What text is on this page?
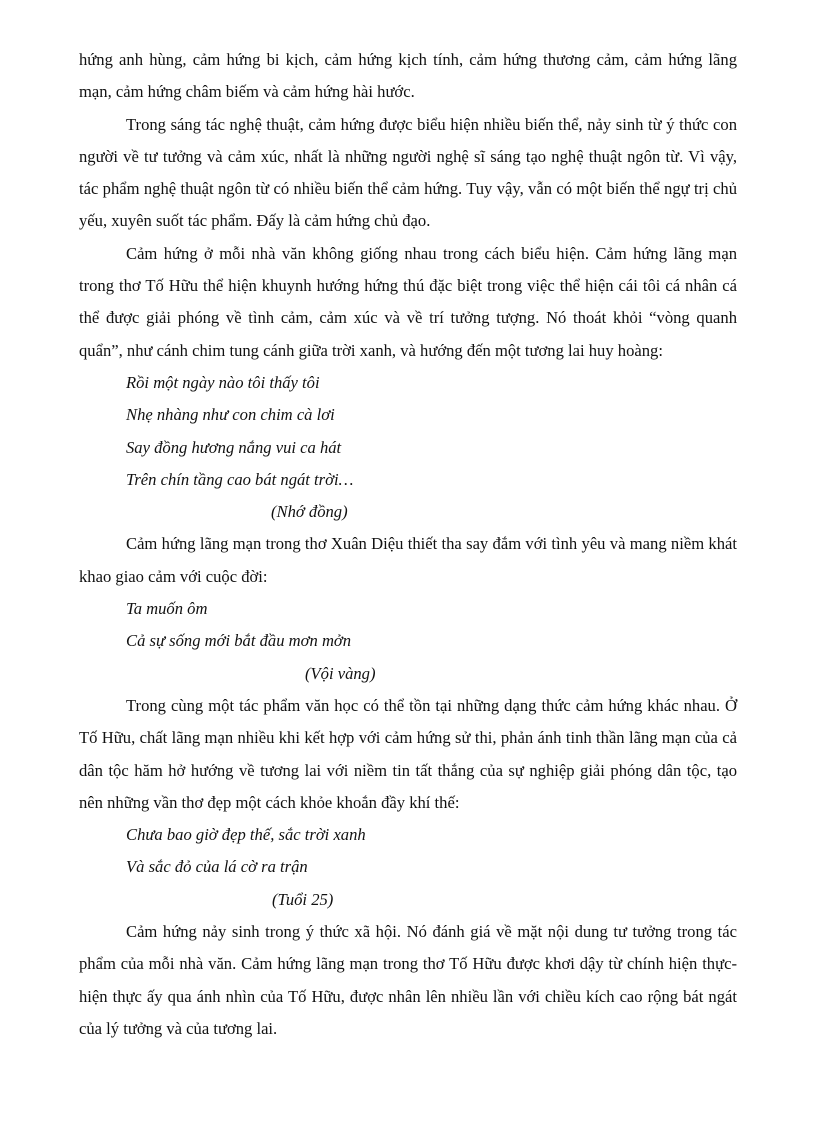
hứng anh hùng, cảm hứng bi kịch, cảm hứng kịch tính, cảm hứng thương cảm, cảm hứng lãng mạn, cảm hứng châm biếm và cảm hứng hài hước.

Trong sáng tác nghệ thuật, cảm hứng được biểu hiện nhiều biến thể, nảy sinh từ ý thức con người về tư tưởng và cảm xúc, nhất là những người nghệ sĩ sáng tạo nghệ thuật ngôn từ. Vì vậy, tác phẩm nghệ thuật ngôn từ có nhiều biến thể cảm hứng. Tuy vậy, vẫn có một biến thể ngự trị chủ yếu, xuyên suốt tác phẩm. Đấy là cảm hứng chủ đạo.

Cảm hứng ở mỗi nhà văn không giống nhau trong cách biểu hiện. Cảm hứng lãng mạn trong thơ Tố Hữu thể hiện khuynh hướng hứng thú đặc biệt trong việc thể hiện cái tôi cá nhân cá thể được giải phóng về tình cảm, cảm xúc và về trí tưởng tượng. Nó thoát khỏi “vòng quanh quẩn”, như cánh chim tung cánh giữa trời xanh, và hướng đến một tương lai huy hoàng:

Rồi một ngày nào tôi thấy tôi

Nhẹ nhàng như con chim cà lơi

Say đồng hương nắng vui ca hát

Trên chín tầng cao bát ngát trời…

(Nhớ đồng)

Cảm hứng lãng mạn trong thơ Xuân Diệu thiết tha say đắm với tình yêu và mang niềm khát khao giao cảm với cuộc đời:

Ta muốn ôm

Cả sự sống mới bắt đầu mơn mởn

(Vội vàng)

Trong cùng một tác phẩm văn học có thể tồn tại những dạng thức cảm hứng khác nhau. Ở Tố Hữu, chất lãng mạn nhiều khi kết hợp với cảm hứng sử thi, phản ánh tinh thần lãng mạn của cả dân tộc hăm hở hướng về tương lai với niềm tin tất thắng của sự nghiệp giải phóng dân tộc, tạo nên những vần thơ đẹp một cách khỏe khoắn đầy khí thế:

Chưa bao giờ đẹp thế, sắc trời xanh

Và sắc đỏ của lá cờ ra trận

(Tuổi 25)

Cảm hứng nảy sinh trong ý thức xã hội. Nó đánh giá về mặt nội dung tư tưởng trong tác phẩm của mỗi nhà văn. Cảm hứng lãng mạn trong thơ Tố Hữu được khơi dậy từ chính hiện thực- hiện thực ấy qua ánh nhìn của Tố Hữu, được nhân lên nhiều lần với chiều kích cao rộng bát ngát của lý tưởng và của tương lai.
